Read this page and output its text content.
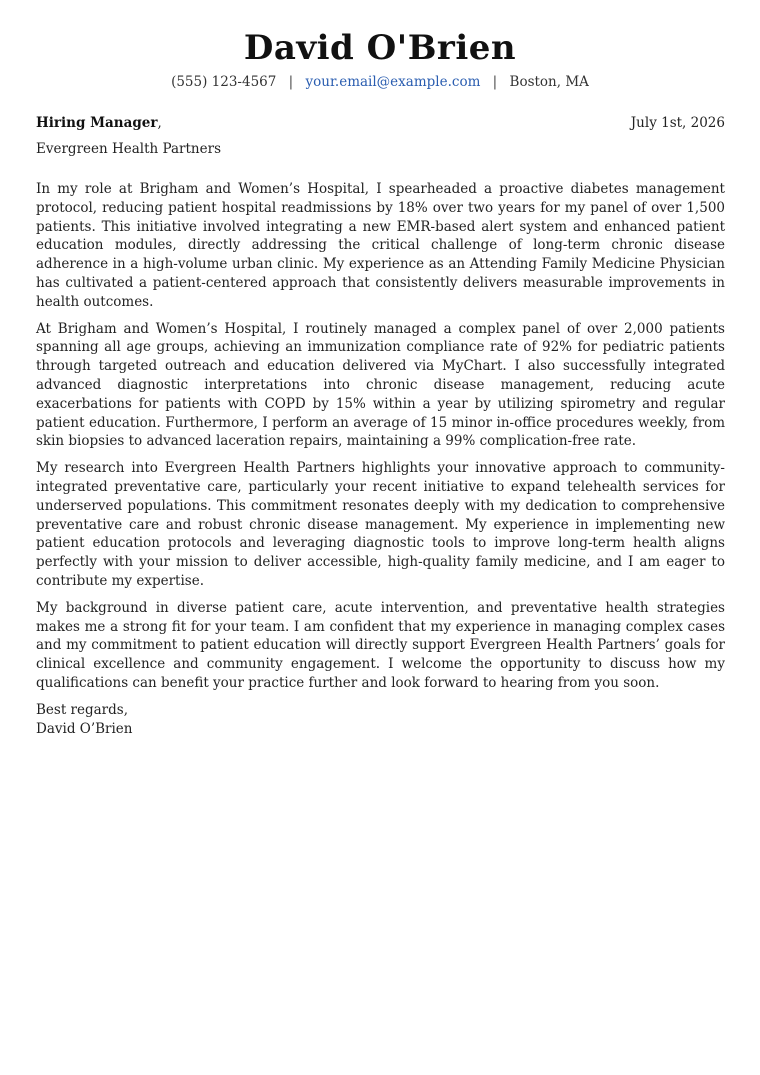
David O'Brien
(555) 123-4567 | your.email@example.com | Boston, MA
Hiring Manager,	July 1st, 2026
Evergreen Health Partners

In my role at Brigham and Women’s Hospital, I spearheaded a proactive diabetes management protocol, reducing patient hospital readmissions by 18% over two years for my panel of over 1,500 patients. This initiative involved integrating a new EMR-based alert system and enhanced patient education modules, directly addressing the critical challenge of long-term chronic disease adherence in a high-volume urban clinic. My experience as an Attending Family Medicine Physician has cultivated a patient-centered approach that consistently delivers measurable improvements in health outcomes.

At Brigham and Women’s Hospital, I routinely managed a complex panel of over 2,000 patients spanning all age groups, achieving an immunization compliance rate of 92% for pediatric patients through targeted outreach and education delivered via MyChart. I also successfully integrated advanced diagnostic interpretations into chronic disease management, reducing acute exacerbations for patients with COPD by 15% within a year by utilizing spirometry and regular patient education. Furthermore, I perform an average of 15 minor in-office procedures weekly, from skin biopsies to advanced laceration repairs, maintaining a 99% complication-free rate.

My research into Evergreen Health Partners highlights your innovative approach to community-integrated preventative care, particularly your recent initiative to expand telehealth services for underserved populations. This commitment resonates deeply with my dedication to comprehensive preventative care and robust chronic disease management. My experience in implementing new patient education protocols and leveraging diagnostic tools to improve long-term health aligns perfectly with your mission to deliver accessible, high-quality family medicine, and I am eager to contribute my expertise.

My background in diverse patient care, acute intervention, and preventative health strategies makes me a strong fit for your team. I am confident that my experience in managing complex cases and my commitment to patient education will directly support Evergreen Health Partners’ goals for clinical excellence and community engagement. I welcome the opportunity to discuss how my qualifications can benefit your practice further and look forward to hearing from you soon.

Best regards,
David O’Brien
